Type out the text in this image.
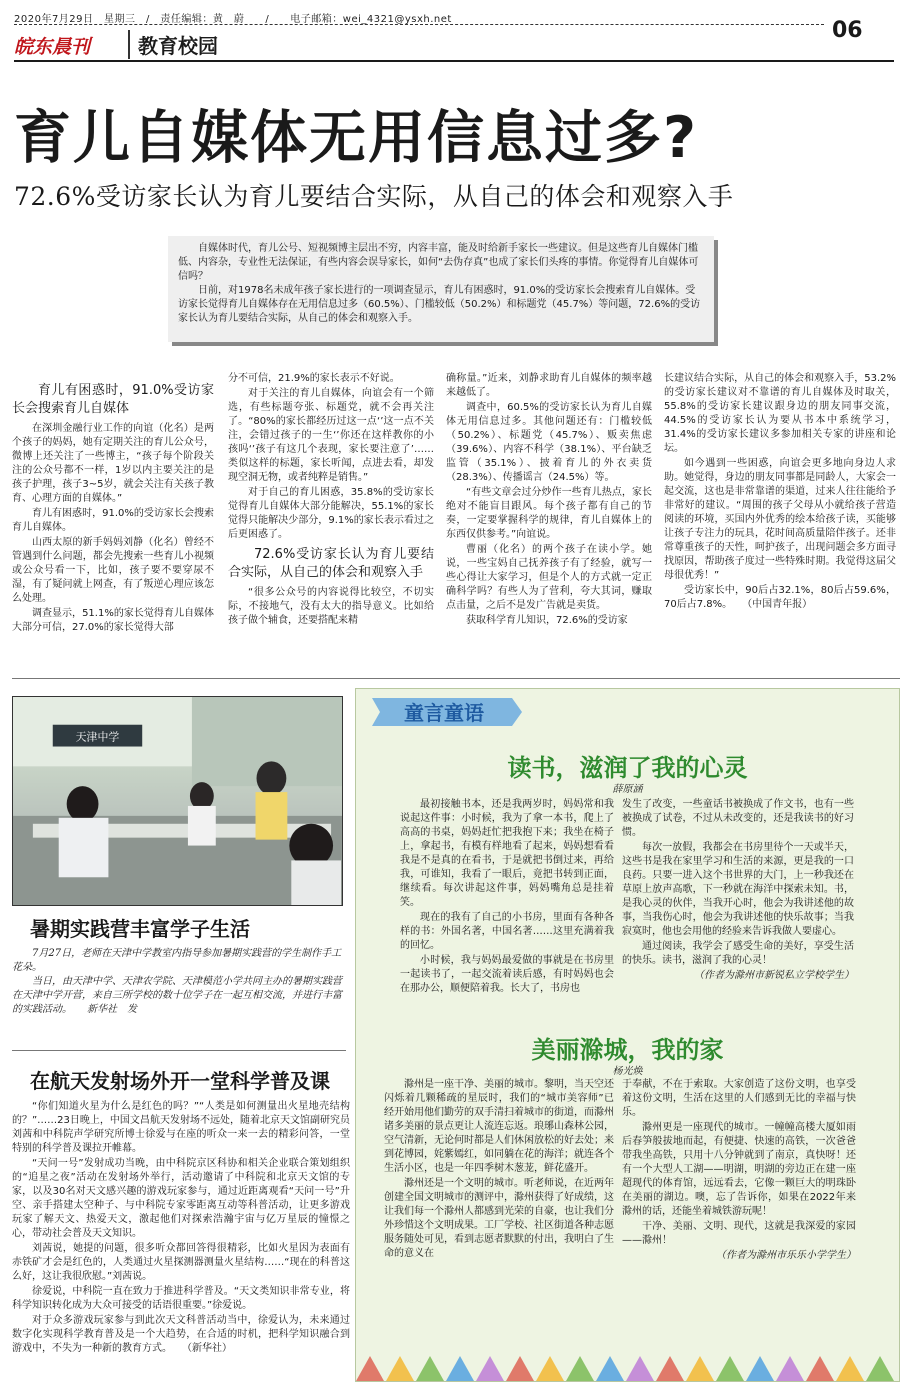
2020年7月29日　星期三　/　责任编辑：黄　蔚　　/　　电子邮箱：wei_4321@ysxh.net	06
皖东晨刊	教育校园
育儿自媒体无用信息过多?
72.6%受访家长认为育儿要结合实际，从自己的体会和观察入手

自媒体时代，育儿公号、短视频博主层出不穷，内容丰富，能及时给新手家长一些建议。但是这些育儿自媒体门槛低、内容杂，专业性无法保证，有些内容会误导家长，如何“去伪存真”也成了家长们头疼的事情。你觉得育儿自媒体可信吗？

日前，对1978名未成年孩子家长进行的一项调查显示，育儿有困惑时，91.0%的受访家长会搜索育儿自媒体。受访家长觉得育儿自媒体存在无用信息过多（60.5%）、门槛较低（50.2%）和标题党（45.7%）等问题，72.6%的受访家长认为育儿要结合实际，从自己的体会和观察入手。

育儿有困惑时，91.0%受访家长会搜索育儿自媒体

在深圳金融行业工作的向谊（化名）是两个孩子的妈妈，她有定期关注的育儿公众号，微博上还关注了一些博主，“孩子每个阶段关注的公众号都不一样，1岁以内主要关注的是孩子护理，孩子3~5岁，就会关注有关孩子教育、心理方面的自媒体。”

育儿有困惑时，91.0%的受访家长会搜索育儿自媒体。

山西太原的新手妈妈刘静（化名）曾经不管遇到什么问题，都会先搜索一些育儿小视频或公众号看一下，比如，孩子要不要穿尿不湿，有了疑问就上网查，有了叛逆心理应该怎么处理。

调查显示，51.1%的家长觉得育儿自媒体大部分可信，27.0%的家长觉得大部

分不可信，21.9%的家长表示不好说。

对于关注的育儿自媒体，向谊会有一个筛选，有些标题夸张、标题党，就不会再关注了。“80%的家长都经历过这一点‘’这一点不关注，会错过孩子的一生‘’你还在这样教你的小孩吗‘’孩子有这几个表现，家长要注意了’……类似这样的标题，家长听闻，点进去看，却发现空洞无物，或者纯粹是销售。”

对于自己的育儿困惑，35.8%的受访家长觉得育儿自媒体大部分能解决，55.1%的家长觉得只能解决少部分，9.1%的家长表示看过之后更困惑了。

72.6%受访家长认为育儿要结合实际，从自己的体会和观察入手

“很多公众号的内容说得比较空，不切实际，不接地气，没有太大的指导意义。比如给孩子做个辅食，还要搭配来精

确称量。”近来，刘静求助育儿自媒体的频率越来越低了。

调查中，60.5%的受访家长认为育儿自媒体无用信息过多。其他问题还有：门槛较低（50.2%）、标题党（45.7%）、贩卖焦虑（39.6%）、内容不科学（38.1%）、平台缺乏监管（35.1%）、披着育儿的外衣卖货（28.3%）、传播谣言（24.5%）等。

“有些文章会过分炒作一些育儿热点，家长绝对不能盲目跟风。每个孩子都有自己的节奏，一定要掌握科学的规律，育儿自媒体上的东西仅供参考。”向谊说。

曹丽（化名）的两个孩子在读小学。她说，一些宝妈自己抚养孩子有了经验，就写一些心得让大家学习，但是个人的方式就一定正确科学吗？有些人为了营利，夸大其词，赚取点击量，之后不是发广告就是卖货。

获取科学育儿知识，72.6%的受访家

长建议结合实际，从自己的体会和观察入手，53.2%的受访家长建议对不靠谱的育儿自媒体及时取关，55.8%的受访家长建议跟身边的朋友同事交流，44.5%的受访家长认为要从书本中系统学习，31.4%的受访家长建议多参加相关专家的讲座和论坛。

如今遇到一些困惑，向谊会更多地向身边人求助。她觉得，身边的朋友同事都是同龄人，大家会一起交流，这也是非常靠谱的渠道，过来人往往能给予非常好的建议。“周围的孩子父母从小就给孩子营造阅读的环境，买国内外优秀的绘本给孩子读，买能够让孩子专注力的玩具，花时间高质量陪伴孩子。还非常尊重孩子的天性，呵护孩子，出现问题会多方面寻找原因，帮助孩子度过一些特殊时期。我觉得这届父母很优秀！”

受访家长中，90后占32.1%，80后占59.6%，70后占7.8%。　　（中国青年报）

天津中学
暑期实践营丰富学子生活

7月27日，老师在天津中学教室内指导参加暑期实践营的学生制作手工花朵。

当日，由天津中学、天津农学院、天津模范小学共同主办的暑期实践营在天津中学开营，来自三所学校的数十位学子在一起互相交流，并进行丰富的实践活动。　　新华社　发

在航天发射场外开一堂科学普及课

“你们知道火星为什么是红色的吗？”“人类是如何测量出火星地壳结构的？”……23日晚上，中国文昌航天发射场不远处，随着北京天文馆副研究员刘茜和中科院声学研究所博士徐爱与在座的听众一来一去的精彩问答，一堂特别的科学普及课拉开帷幕。

“天问一号”发射成功当晚，由中科院京区科协和相关企业联合策划组织的“追星之夜”活动在发射场外举行，活动邀请了中科院和北京天文馆的专家，以及30名对天文感兴趣的游戏玩家参与，通过近距离观看“天问一号”升空、亲手搭建太空种子、与中科院专家零距离互动等科普活动，让更多游戏玩家了解天文、热爱天文，激起他们对探索浩瀚宇宙与亿万星辰的憧憬之心，带动社会普及天文知识。

刘茜说，她提的问题，很多听众都回答得很精彩，比如火星因为表面有赤铁矿才会是红色的，人类通过火星探测器测量火星结构……“现在的科普这么好，这让我很欣慰。”刘茜说。

徐爱说，中科院一直在致力于推进科学普及。“天文类知识非常专业，将科学知识转化成为大众可接受的话语很重要。”徐爱说。

对于众多游戏玩家参与到此次天文科普活动当中，徐爱认为，未来通过数字化实现科学教育普及是一个大趋势，在合适的时机，把科学知识融合到游戏中，不失为一种新的教育方式。　　（新华社）

童言童语
读书，滋润了我的心灵
薛原涵

最初接触书本，还是我两岁时，妈妈常和我说起这件事：小时候，我为了拿一本书，爬上了高高的书桌，妈妈赶忙把我抱下来；我坐在椅子上，拿起书，有模有样地看了起来，妈妈想看看我是不是真的在看书，于是就把书倒过来，再给我，可谁知，我看了一眼后，竟把书转到正面，继续看。每次讲起这件事，妈妈嘴角总是挂着笑。

现在的我有了自己的小书房，里面有各种各样的书：外国名著，中国名著……这里充满着我的回忆。

小时候，我与妈妈最爱做的事就是在书房里一起读书了，一起交流着读后感，有时妈妈也会在那办公，顺便陪着我。长大了，书房也

发生了改变，一些童话书被换成了作文书，也有一些被换成了试卷，不过从未改变的，还是我读书的好习惯。

每次一放假，我都会在书房里待个一天或半天，这些书是我在家里学习和生活的来源，更是我的一口良药。只要一进入这个书世界的大门，上一秒我还在草原上放声高歌，下一秒就在海洋中探索未知。书，是我心灵的伙伴，当我开心时，他会为我讲述他的故事，当我伤心时，他会为我讲述他的快乐故事；当我寂寞时，他也会用他的经验来告诉我做人要虚心。

通过阅读，我学会了感受生命的美好，享受生活的快乐。读书，滋润了我的心灵！

（作者为滁州市新锐私立学校学生）

美丽滁城，我的家
杨光焕

滁州是一座干净、美丽的城市。黎明，当天空还闪烁着几颗稀疏的星辰时，我们的“城市美容师”已经开始用他们勤劳的双手清扫着城市的街道，而滁州诸多美丽的景点更让人流连忘返。琅琊山森林公园，空气清新，无论何时都是人们休闲放松的好去处；来到花博园，姹紫嫣红，如同躺在花的海洋；就连各个生活小区，也是一年四季树木葱茏，鲜花盛开。

滁州还是一个文明的城市。听老师说，在近两年创建全国文明城市的测评中，滁州获得了好成绩，这让我们每一个滁州人都感到光荣的自豪，也让我们分外珍惜这个文明成果。工厂学校、社区街道各种志愿服务随处可见，看到志愿者默默的付出，我明白了生命的意义在

于奉献，不在于索取。大家创造了这份文明，也享受着这份文明，生活在这里的人们感到无比的幸福与快乐。

滁州更是一座现代的城市。一幢幢高楼大厦如雨后春笋般拔地而起，有便捷、快速的高铁，一次爸爸带我坐高铁，只用十八分钟就到了南京，真快呀！还有一个大型人工湖——明湖，明湖的旁边正在建一座超现代的体育馆，远远看去，它像一颗巨大的明珠卧在美丽的湖边。噢，忘了告诉你，如果在2022年来滁州的话，还能坐着城铁游玩呢！

干净、美丽、文明、现代，这就是我深爱的家园——滁州！

（作者为滁州市乐乐小学学生）
